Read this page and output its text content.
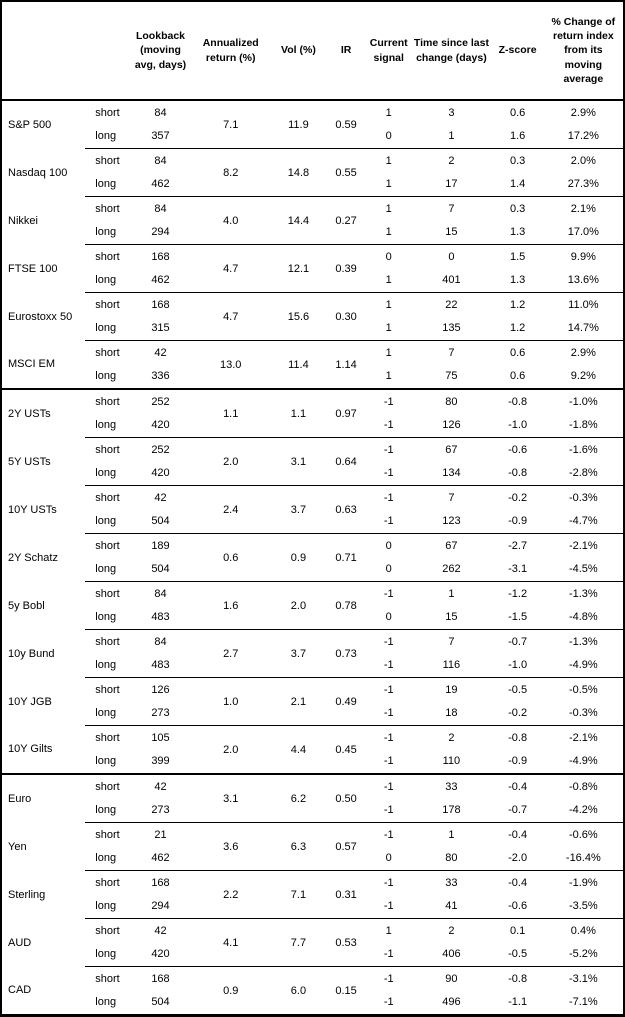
		Lookback (moving avg, days)	Annualized return (%)	Vol (%)	IR	Current signal	Time since last change (days)	Z-score	% Change of return index from its moving average
S&P 500	short	84	7.1	11.9	0.59	1	3	0.6	2.9%
	long	357				0	1	1.6	17.2%
Nasdaq 100	short	84	8.2	14.8	0.55	1	2	0.3	2.0%
	long	462				1	17	1.4	27.3%
Nikkei	short	84	4.0	14.4	0.27	1	7	0.3	2.1%
	long	294				1	15	1.3	17.0%
FTSE 100	short	168	4.7	12.1	0.39	0	0	1.5	9.9%
	long	462				1	401	1.3	13.6%
Eurostoxx 50	short	168	4.7	15.6	0.30	1	22	1.2	11.0%
	long	315				1	135	1.2	14.7%
MSCI EM	short	42	13.0	11.4	1.14	1	7	0.6	2.9%
	long	336				1	75	0.6	9.2%
2Y USTs	short	252	1.1	1.1	0.97	-1	80	-0.8	-1.0%
	long	420				-1	126	-1.0	-1.8%
5Y USTs	short	252	2.0	3.1	0.64	-1	67	-0.6	-1.6%
	long	420				-1	134	-0.8	-2.8%
10Y USTs	short	42	2.4	3.7	0.63	-1	7	-0.2	-0.3%
	long	504				-1	123	-0.9	-4.7%
2Y Schatz	short	189	0.6	0.9	0.71	0	67	-2.7	-2.1%
	long	504				0	262	-3.1	-4.5%
5y Bobl	short	84	1.6	2.0	0.78	-1	1	-1.2	-1.3%
	long	483				0	15	-1.5	-4.8%
10y Bund	short	84	2.7	3.7	0.73	-1	7	-0.7	-1.3%
	long	483				-1	116	-1.0	-4.9%
10Y JGB	short	126	1.0	2.1	0.49	-1	19	-0.5	-0.5%
	long	273				-1	18	-0.2	-0.3%
10Y Gilts	short	105	2.0	4.4	0.45	-1	2	-0.8	-2.1%
	long	399				-1	110	-0.9	-4.9%
Euro	short	42	3.1	6.2	0.50	-1	33	-0.4	-0.8%
	long	273				-1	178	-0.7	-4.2%
Yen	short	21	3.6	6.3	0.57	-1	1	-0.4	-0.6%
	long	462				0	80	-2.0	-16.4%
Sterling	short	168	2.2	7.1	0.31	-1	33	-0.4	-1.9%
	long	294				-1	41	-0.6	-3.5%
AUD	short	42	4.1	7.7	0.53	1	2	0.1	0.4%
	long	420				-1	406	-0.5	-5.2%
CAD	short	168	0.9	6.0	0.15	-1	90	-0.8	-3.1%
	long	504				-1	496	-1.1	-7.1%
